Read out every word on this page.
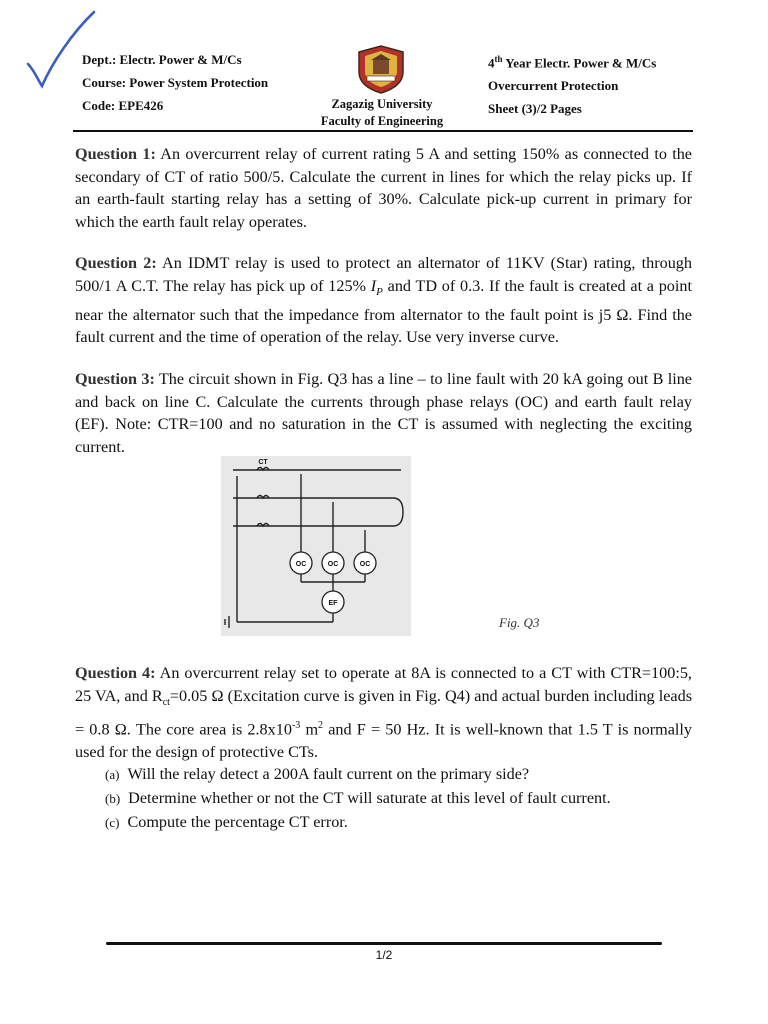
Dept.: Electr. Power & M/Cs
Course: Power System Protection
Code: EPE426	Zagazig University
Faculty of Engineering
4th Year Electr. Power & M/Cs
Overcurrent Protection
Sheet (3)/2 Pages

Question 1: An overcurrent relay of current rating 5 A and setting 150% as connected to the secondary of CT of ratio 500/5. Calculate the current in lines for which the relay picks up. If an earth-fault starting relay has a setting of 30%. Calculate pick-up current in primary for which the earth fault relay operates.

Question 2: An IDMT relay is used to protect an alternator of 11KV (Star) rating, through 500/1 A C.T. The relay has pick up of 125% $I_P$ and TD of 0.3. If the fault is created at a point near the alternator such that the impedance from alternator to the fault point is j5 Ω. Find the fault current and the time of operation of the relay. Use very inverse curve.

Question 3: The circuit shown in Fig. Q3 has a line – to line fault with 20 kA going out B line and back on line C. Calculate the currents through phase relays (OC) and earth fault relay (EF). Note: CTR=100 and no saturation in the CT is assumed with neglecting the exciting current.

CT
OC	OC	OC
EF
Fig. Q3
Question 4: An overcurrent relay set to operate at 8A is connected to a CT with CTR=100:5, 25 VA, and $R_{ct}=0.05$ Ω (Excitation curve is given in Fig. Q4) and actual burden including leads = 0.8 Ω. The core area is $2.8x10^{-3}$ $m^2$ and F = 50 Hz. It is well-known that 1.5 T is normally used for the design of protective CTs.
(a) Will the relay detect a 200A fault current on the primary side?
(b) Determine whether or not the CT will saturate at this level of fault current.
(c) Compute the percentage CT error.
1/2
